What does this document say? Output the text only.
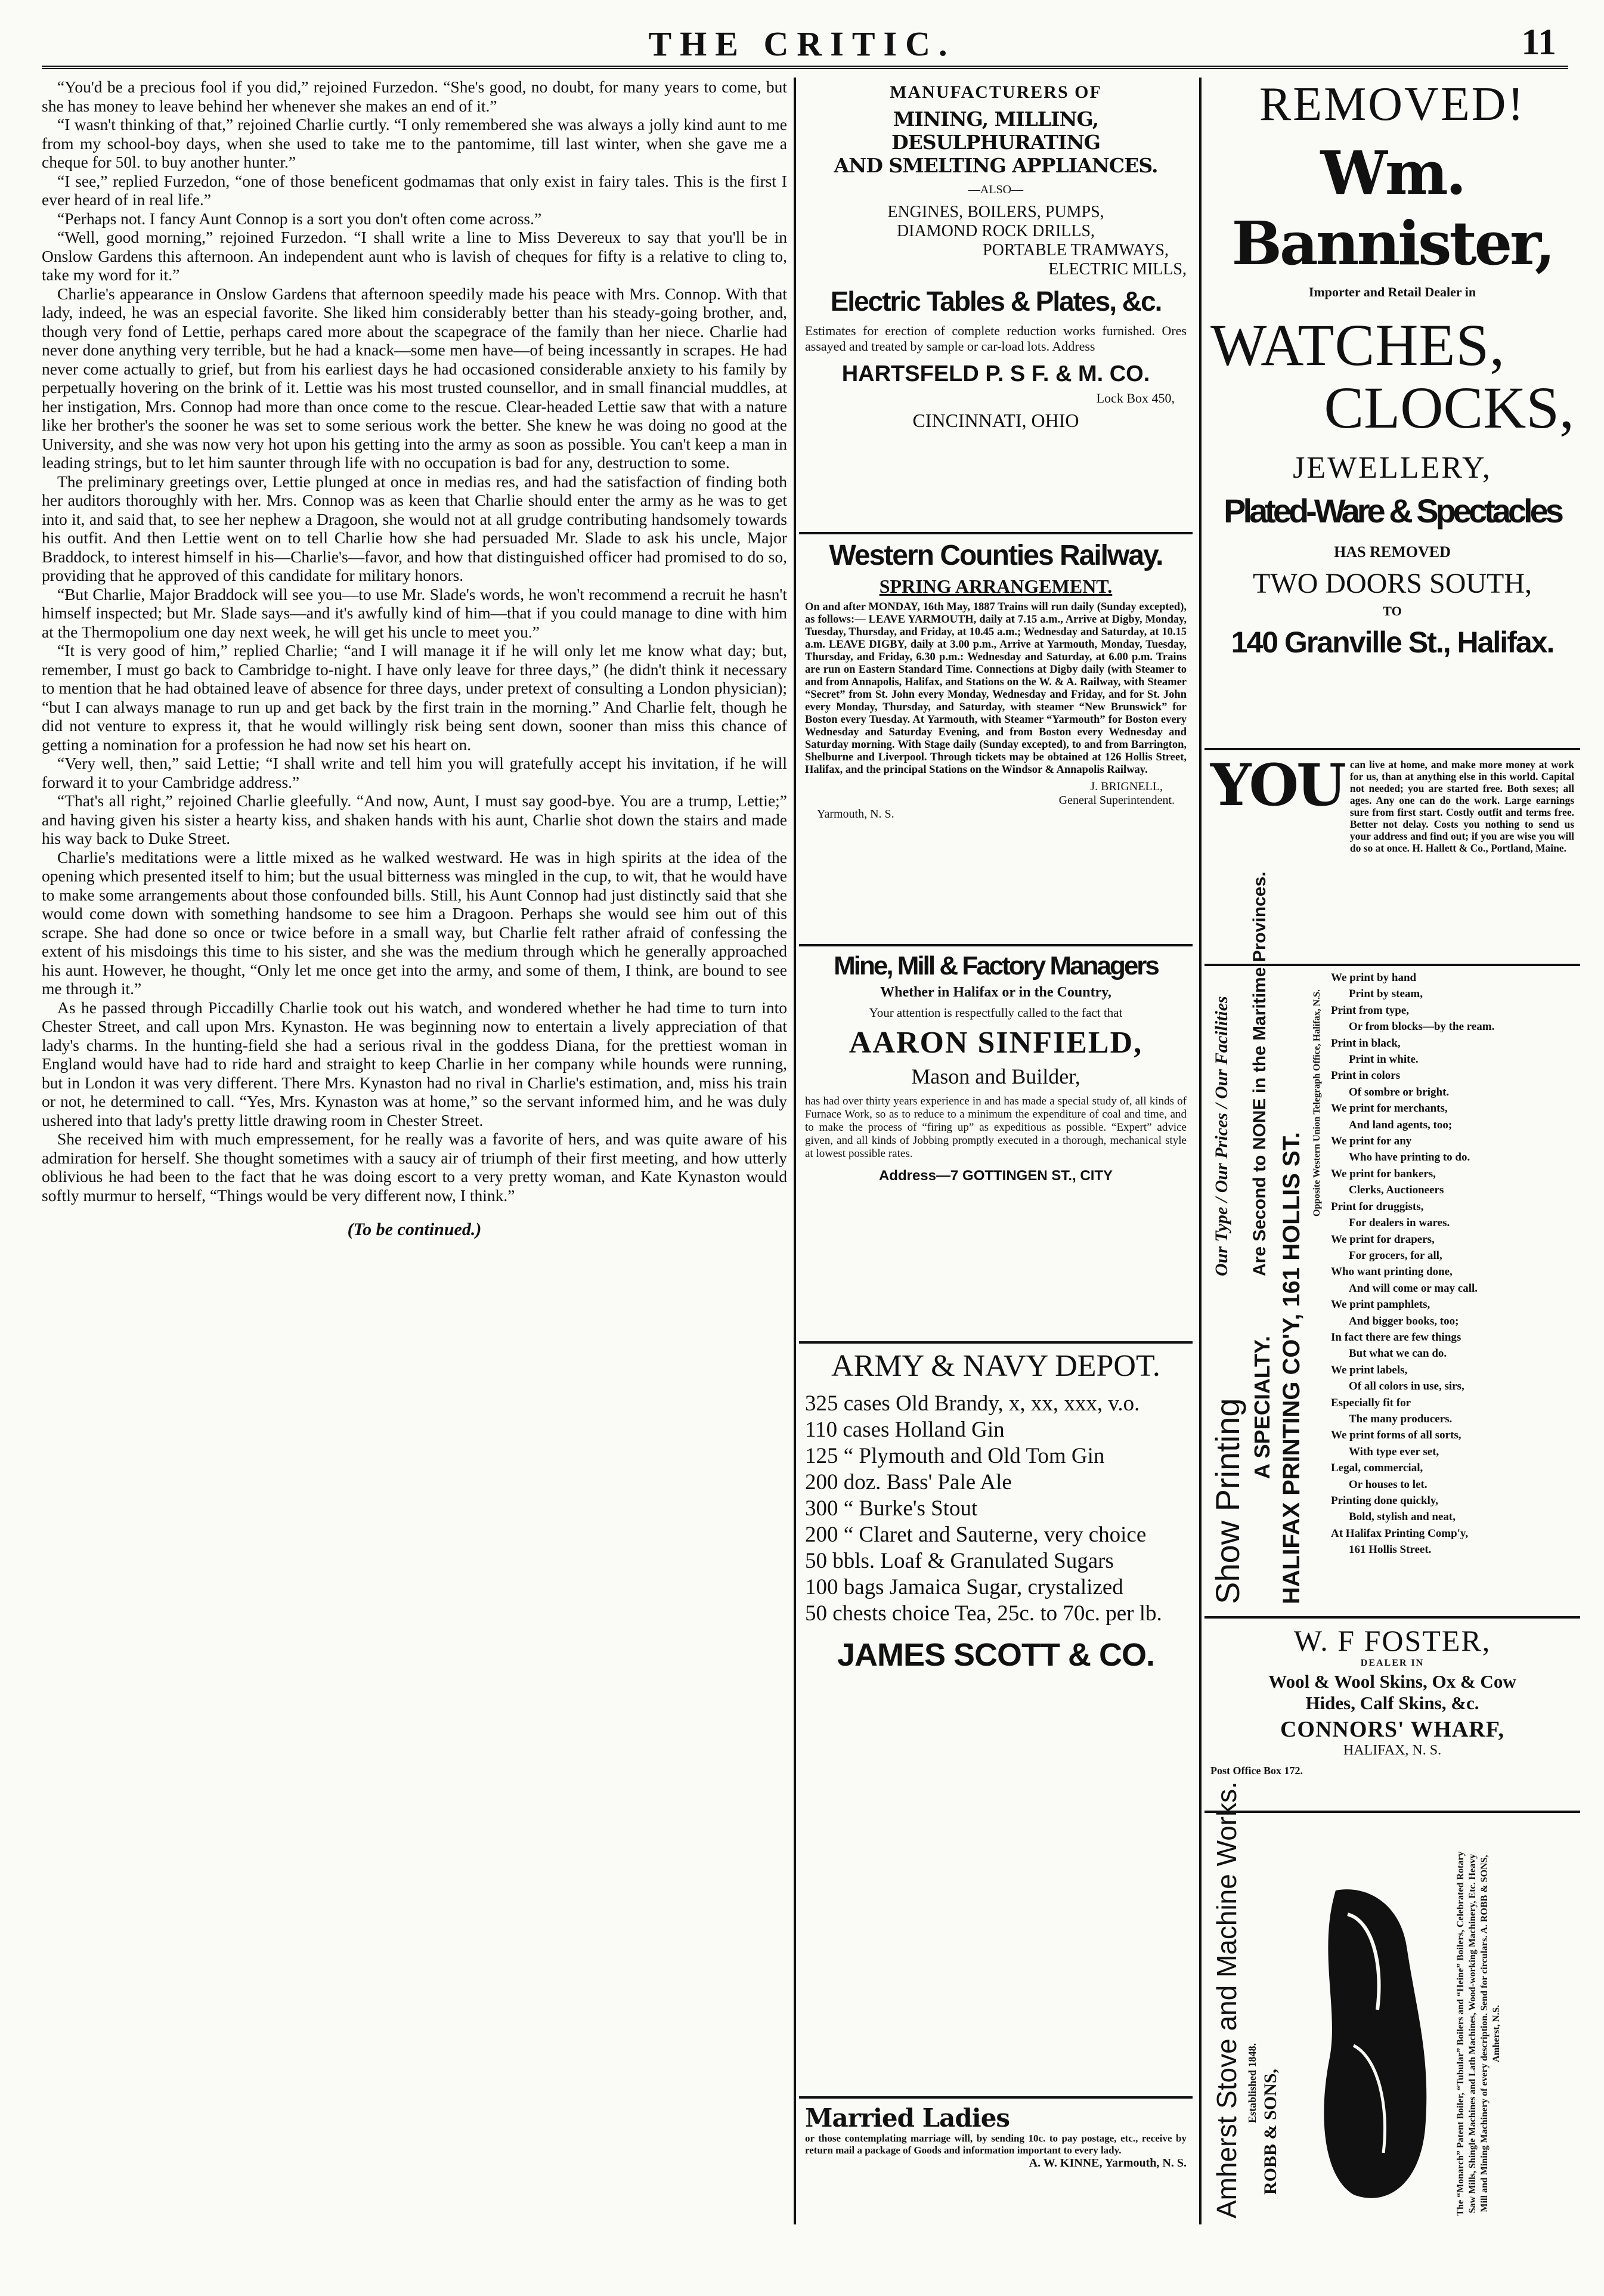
THE CRITIC.	11

“You'd be a precious fool if you did,” rejoined Furzedon. “She's good, no doubt, for many years to come, but she has money to leave behind her whenever she makes an end of it.”

“I wasn't thinking of that,” rejoined Charlie curtly. “I only remembered she was always a jolly kind aunt to me from my school-boy days, when she used to take me to the pantomime, till last winter, when she gave me a cheque for 50l. to buy another hunter.”

“I see,” replied Furzedon, “one of those beneficent godmamas that only exist in fairy tales. This is the first I ever heard of in real life.”

“Perhaps not. I fancy Aunt Connop is a sort you don't often come across.”

“Well, good morning,” rejoined Furzedon. “I shall write a line to Miss Devereux to say that you'll be in Onslow Gardens this afternoon. An independent aunt who is lavish of cheques for fifty is a relative to cling to, take my word for it.”

Charlie's appearance in Onslow Gardens that afternoon speedily made his peace with Mrs. Connop. With that lady, indeed, he was an especial favorite. She liked him considerably better than his steady-going brother, and, though very fond of Lettie, perhaps cared more about the scapegrace of the family than her niece. Charlie had never done anything very terrible, but he had a knack—some men have—of being incessantly in scrapes. He had never come actually to grief, but from his earliest days he had occasioned considerable anxiety to his family by perpetually hovering on the brink of it. Lettie was his most trusted counsellor, and in small financial muddles, at her instigation, Mrs. Connop had more than once come to the rescue. Clear-headed Lettie saw that with a nature like her brother's the sooner he was set to some serious work the better. She knew he was doing no good at the University, and she was now very hot upon his getting into the army as soon as possible. You can't keep a man in leading strings, but to let him saunter through life with no occupation is bad for any, destruction to some.

The preliminary greetings over, Lettie plunged at once in medias res, and had the satisfaction of finding both her auditors thoroughly with her. Mrs. Connop was as keen that Charlie should enter the army as he was to get into it, and said that, to see her nephew a Dragoon, she would not at all grudge contributing handsomely towards his outfit. And then Lettie went on to tell Charlie how she had persuaded Mr. Slade to ask his uncle, Major Braddock, to interest himself in his—Charlie's—favor, and how that distinguished officer had promised to do so, providing that he approved of this candidate for military honors.

“But Charlie, Major Braddock will see you—to use Mr. Slade's words, he won't recommend a recruit he hasn't himself inspected; but Mr. Slade says—and it's awfully kind of him—that if you could manage to dine with him at the Thermopolium one day next week, he will get his uncle to meet you.”

“It is very good of him,” replied Charlie; “and I will manage it if he will only let me know what day; but, remember, I must go back to Cambridge to-night. I have only leave for three days,” (he didn't think it necessary to mention that he had obtained leave of absence for three days, under pretext of consulting a London physician); “but I can always manage to run up and get back by the first train in the morning.” And Charlie felt, though he did not venture to express it, that he would willingly risk being sent down, sooner than miss this chance of getting a nomination for a profession he had now set his heart on.

“Very well, then,” said Lettie; “I shall write and tell him you will gratefully accept his invitation, if he will forward it to your Cambridge address.”

“That's all right,” rejoined Charlie gleefully. “And now, Aunt, I must say good-bye. You are a trump, Lettie;” and having given his sister a hearty kiss, and shaken hands with his aunt, Charlie shot down the stairs and made his way back to Duke Street.

Charlie's meditations were a little mixed as he walked westward. He was in high spirits at the idea of the opening which presented itself to him; but the usual bitterness was mingled in the cup, to wit, that he would have to make some arrangements about those confounded bills. Still, his Aunt Connop had just distinctly said that she would come down with something handsome to see him a Dragoon. Perhaps she would see him out of this scrape. She had done so once or twice before in a small way, but Charlie felt rather afraid of confessing the extent of his misdoings this time to his sister, and she was the medium through which he generally approached his aunt. However, he thought, “Only let me once get into the army, and some of them, I think, are bound to see me through it.”

As he passed through Piccadilly Charlie took out his watch, and wondered whether he had time to turn into Chester Street, and call upon Mrs. Kynaston. He was beginning now to entertain a lively appreciation of that lady's charms. In the hunting-field she had a serious rival in the goddess Diana, for the prettiest woman in England would have had to ride hard and straight to keep Charlie in her company while hounds were running, but in London it was very different. There Mrs. Kynaston had no rival in Charlie's estimation, and, miss his train or not, he determined to call. “Yes, Mrs. Kynaston was at home,” so the servant informed him, and he was duly ushered into that lady's pretty little drawing room in Chester Street.

She received him with much empressement, for he really was a favorite of hers, and was quite aware of his admiration for herself. She thought sometimes with a saucy air of triumph of their first meeting, and how utterly oblivious he had been to the fact that he was doing escort to a very pretty woman, and Kate Kynaston would softly murmur to herself, “Things would be very different now, I think.”

(To be continued.)

MANUFACTURERS OF
MINING, MILLING, DESULPHURATING
AND SMELTING APPLIANCES.
—ALSO—
ENGINES, BOILERS, PUMPS,
DIAMOND ROCK DRILLS,
PORTABLE TRAMWAYS,
ELECTRIC MILLS,
Electric Tables & Plates, &c.
Estimates for erection of complete reduction works furnished. Ores assayed and treated by sample or car-load lots. Address
HARTSFELD P. S F. & M. CO.
Lock Box 450,
CINCINNATI, OHIO
Western Counties Railway.
SPRING ARRANGEMENT.
On and after MONDAY, 16th May, 1887 Trains will run daily (Sunday excepted), as follows:— LEAVE YARMOUTH, daily at 7.15 a.m., Arrive at Digby, Monday, Tuesday, Thursday, and Friday, at 10.45 a.m.; Wednesday and Saturday, at 10.15 a.m. LEAVE DIGBY, daily at 3.00 p.m., Arrive at Yarmouth, Monday, Tuesday, Thursday, and Friday, 6.30 p.m.: Wednesday and Saturday, at 6.00 p.m. Trains are run on Eastern Standard Time. Connections at Digby daily (with Steamer to and from Annapolis, Halifax, and Stations on the W. & A. Railway, with Steamer “Secret” from St. John every Monday, Wednesday and Friday, and for St. John every Monday, Thursday, and Saturday, with steamer “New Brunswick” for Boston every Tuesday. At Yarmouth, with Steamer “Yarmouth” for Boston every Wednesday and Saturday Evening, and from Boston every Wednesday and Saturday morning. With Stage daily (Sunday excepted), to and from Barrington, Shelburne and Liverpool. Through tickets may be obtained at 126 Hollis Street, Halifax, and the principal Stations on the Windsor & Annapolis Railway.
J. BRIGNELL,
General Superintendent.
Yarmouth, N. S.
Mine, Mill & Factory Managers
Whether in Halifax or in the Country,
Your attention is respectfully called to the fact that
AARON SINFIELD,
Mason and Builder,
has had over thirty years experience in and has made a special study of, all kinds of Furnace Work, so as to reduce to a minimum the expenditure of coal and time, and to make the process of “firing up” as expeditious as possible. “Expert” advice given, and all kinds of Jobbing promptly executed in a thorough, mechanical style at lowest possible rates.
Address—7 GOTTINGEN ST., CITY
ARMY & NAVY DEPOT.
325 cases Old Brandy, x, xx, xxx, v.o.
110 cases Holland Gin
125 “ Plymouth and Old Tom Gin
200 doz. Bass' Pale Ale
300 “ Burke's Stout
200 “ Claret and Sauterne, very choice
50 bbls. Loaf & Granulated Sugars
100 bags Jamaica Sugar, crystalized
50 chests choice Tea, 25c. to 70c. per lb.
JAMES SCOTT & CO.
Married Ladies
or those contemplating marriage will, by sending 10c. to pay postage, etc., receive by return mail a package of Goods and information important to every lady.
A. W. KINNE, Yarmouth, N. S.
REMOVED!
Wm. Bannister,
Importer and Retail Dealer in
WATCHES,
CLOCKS,
JEWELLERY,
Plated-Ware & Spectacles
HAS REMOVED
TWO DOORS SOUTH,
TO
140 Granville St., Halifax.
YOU can live at home, and make more money at work for us, than at anything else in this world. Capital not needed; you are started free. Both sexes; all ages. Any one can do the work. Large earnings sure from first start. Costly outfit and terms free. Better not delay. Costs you nothing to send us your address and find out; if you are wise you will do so at once. H. Hallett & Co., Portland, Maine.
Show Printing A SPECIALTY. HALIFAX PRINTING CO'Y, 161 HOLLIS ST.
Our Type / Our Prices / Our Facilities Are Second to NONE in the Maritime Provinces.	Opposite Western Union Telegraph Office, Halifax, N.S.
We print by hand
Print by steam,
Print from type,
Or from blocks—by the ream.
Print in black,
Print in white.
Print in colors
Of sombre or bright.
We print for merchants,
And land agents, too;
We print for any
Who have printing to do.
We print for bankers,
Clerks, Auctioneers
Print for druggists,
For dealers in wares.
We print for drapers,
For grocers, for all,
Who want printing done,
And will come or may call.
We print pamphlets,
And bigger books, too;
In fact there are few things
But what we can do.
We print labels,
Of all colors in use, sirs,
Especially fit for
The many producers.
We print forms of all sorts,
With type ever set,
Legal, commercial,
Or houses to let.
Printing done quickly,
Bold, stylish and neat,
At Halifax Printing Comp'y,
161 Hollis Street.
W. F FOSTER,
DEALER IN
Wool & Wool Skins, Ox & Cow
Hides, Calf Skins, &c.
CONNORS' WHARF,
HALIFAX, N. S.
Post Office Box 172.
Amherst Stove and Machine Works. Established 1848. ROBB & SONS,	The “Monarch” Patent Boiler, “Tubular” Boilers and “Heine” Boilers, Celebrated Rotary Saw Mills, Shingle Machines and Lath Machines, Wood-working Machinery, Etc. Heavy Mill and Mining Machinery of every description. Send for circulars. A. ROBB & SONS, Amherst, N.S.
